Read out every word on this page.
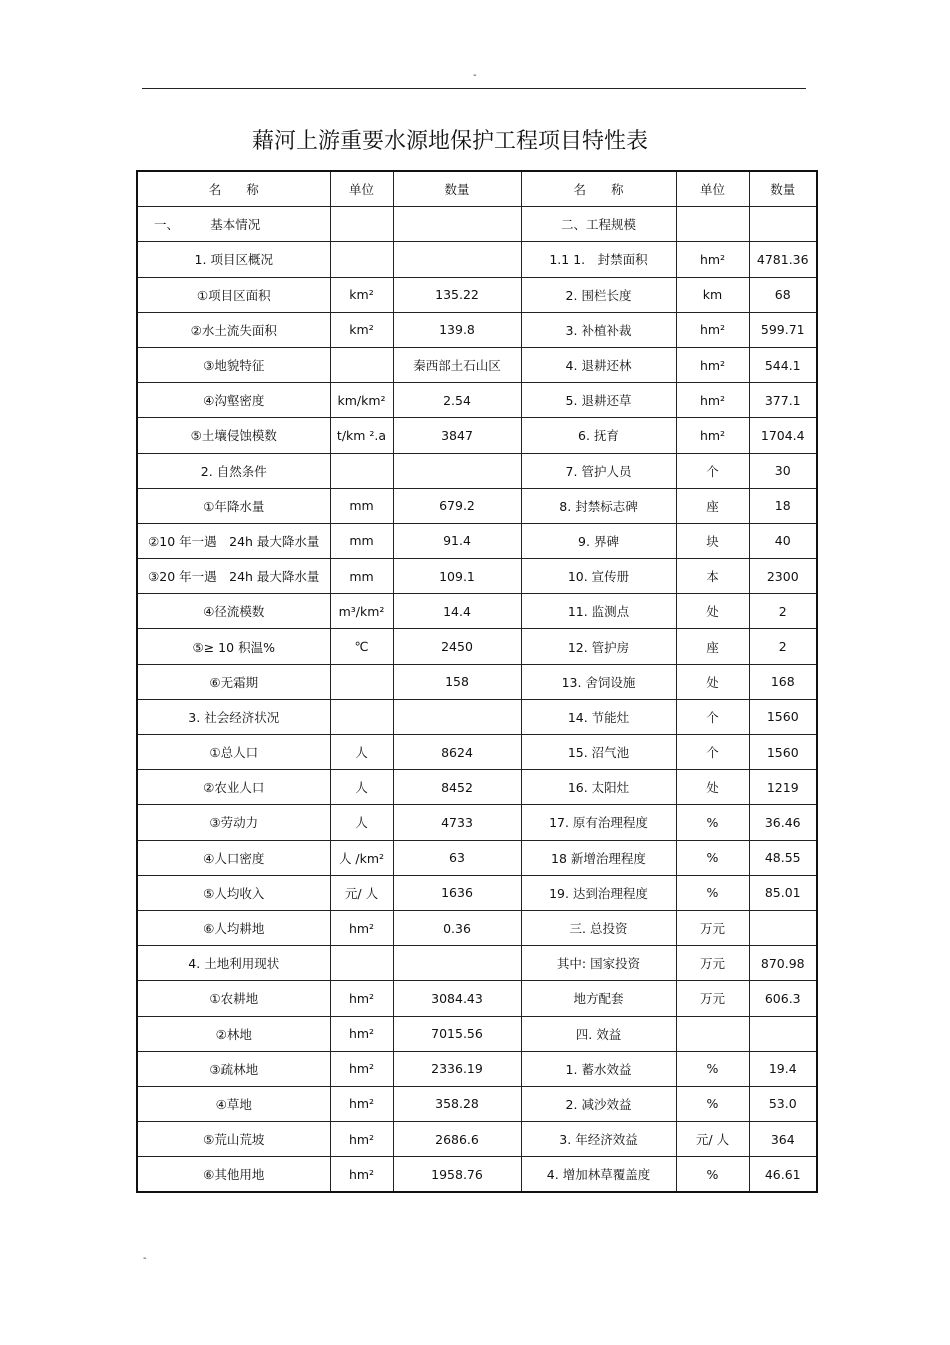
-
藉河上游重要水源地保护工程项目特性表
名　　称	单位	数量	名　　称	单位	数量
一、　　　基本情况			二、工程规模		
1. 项目区概况			1.1 1.　封禁面积	hm²	4781.36
①项目区面积	km²	135.22	2. 围栏长度	km	68
②水土流失面积	km²	139.8	3. 补植补裁	hm²	599.71
③地貌特征		秦西部土石山区	4. 退耕还林	hm²	544.1
④沟壑密度	km/km²	2.54	5. 退耕还草	hm²	377.1
⑤土壤侵蚀模数	t/km ².a	3847	6. 抚育	hm²	1704.4
2. 自然条件			7. 管护人员	个	30
①年降水量	mm	679.2	8. 封禁标志碑	座	18
②10 年一遇　24h 最大降水量	mm	91.4	9. 界碑	块	40
③20 年一遇　24h 最大降水量	mm	109.1	10. 宣传册	本	2300
④径流模数	m³/km²	14.4	11. 监测点	处	2
⑤≥ 10 积温%	℃	2450	12. 管护房	座	2
⑥无霜期		158	13. 舍饲设施	处	168
3. 社会经济状况			14. 节能灶	个	1560
①总人口	人	8624	15. 沼气池	个	1560
②农业人口	人	8452	16. 太阳灶	处	1219
③劳动力	人	4733	17. 原有治理程度	%	36.46
④人口密度	人 /km²	63	18 新增治理程度	%	48.55
⑤人均收入	元/ 人	1636	19. 达到治理程度	%	85.01
⑥人均耕地	hm²	0.36	三. 总投资	万元	
4. 土地利用现状			其中: 国家投资	万元	870.98
①农耕地	hm²	3084.43	地方配套	万元	606.3
②林地	hm²	7015.56	四. 效益		
③疏林地	hm²	2336.19	1. 蓄水效益	%	19.4
④草地	hm²	358.28	2. 减沙效益	%	53.0
⑤荒山荒坡	hm²	2686.6	3. 年经济效益	元/ 人	364
⑥其他用地	hm²	1958.76	4. 增加林草覆盖度	%	46.61
-
